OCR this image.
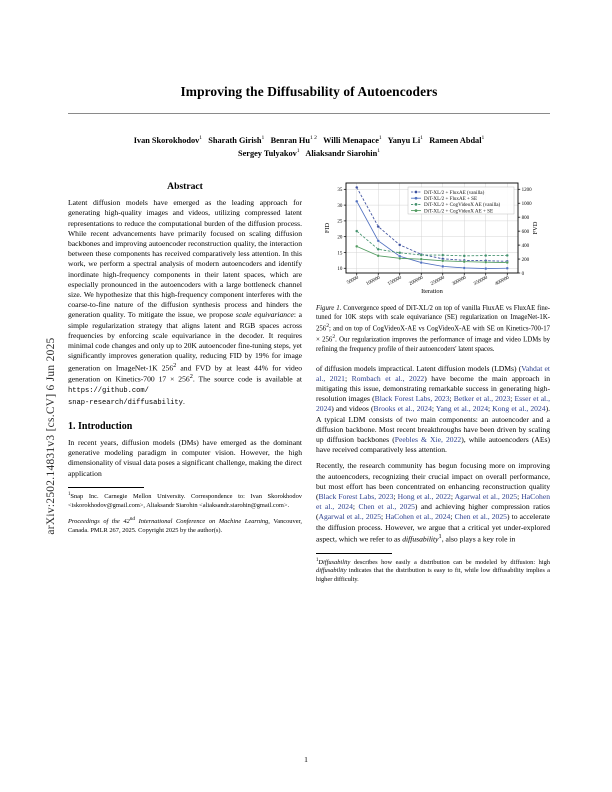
arXiv:2502.14831v3 [cs.CV] 6 Jun 2025
Improving the Diffusability of Autoencoders
Ivan Skorokhodov$^1$ Sharath Girish$^1$ Benran $Hu^{1 2}$ Willi Menapace$^1$ Yanyu Li$^1$ Rameen Abdal$^1$
Sergey Tulyakov$^1$ Aliaksandr Siarohin$^1$
Abstract

Latent diffusion models have emerged as the leading approach for generating high-quality images and videos, utilizing compressed latent representations to reduce the computational burden of the diffusion process. While recent advancements have primarily focused on scaling diffusion backbones and improving autoencoder reconstruction quality, the interaction between these components has received comparatively less attention. In this work, we perform a spectral analysis of modern autoencoders and identify inordinate high-frequency components in their latent spaces, which are especially pronounced in the autoencoders with a large bottleneck channel size. We hypothesize that this high-frequency component interferes with the coarse-to-fine nature of the diffusion synthesis process and hinders the generation quality. To mitigate the issue, we propose scale equivariance: a simple regularization strategy that aligns latent and RGB spaces across frequencies by enforcing scale equivariance in the decoder. It requires minimal code changes and only up to 20K autoencoder fine-tuning steps, yet significantly improves generation quality, reducing FID by 19% for image generation on ImageNet-1K $256^2$ and FVD by at least 44% for video generation on Kinetics-700 $17 \times 256^2$. The source code is available at https://github.com/
snap-research/diffusability.

1. Introduction

In recent years, diffusion models (DMs) have emerged as the dominant generative modeling paradigm in computer vision. However, the high dimensionality of visual data poses a significant challenge, making the direct application

$^1$Snap Inc. Carnegie Mellon University. Correspondence to: Ivan Skorokhodov <iskorokhodov@gmail.com>, Aliaksandr Siarohin <aliaksandr.siarohin@gmail.com>.

Proceedings of the 42nd International Conference on Machine Learning, Vancouver, Canada. PMLR 267, 2025. Copyright 2025 by the author(s).

10
15
20
25
30
35
0
200
400
600
800
1000
1200
50000 100000 150000 200000 250000 300000 350000 400000
FID	FVD
Iteration
DiT-XL/2 + FluxAE (vanilla)
DiT-XL/2 + FluxAE + SE
DiT-XL/2 + CogVideoX AE (vanilla)
DiT-XL/2 + CogVideoX AE + SE

Figure 1. Convergence speed of DiT-XL/2 on top of vanilla FluxAE vs FluxAE fine-tuned for 10K steps with scale equivariance (SE) regularization on ImageNet-$1K-256^2$; and on top of CogVideoX-AE vs CogVideoX-AE with SE on Kinetics-700-17 × $256^2$. Our regularization improves the performance of image and video LDMs by refining the frequency profile of their autoencoders' latent spaces.

of diffusion models impractical. Latent diffusion models (LDMs) (Vahdat et al., 2021; Rombach et al., 2022) have become the main approach in mitigating this issue, demonstrating remarkable success in generating high-resolution images (Black Forest Labs, 2023; Betker et al., 2023; Esser et al., 2024) and videos (Brooks et al., 2024; Yang et al., 2024; Kong et al., 2024). A typical LDM consists of two main components: an autoencoder and a diffusion backbone. Most recent breakthroughs have been driven by scaling up diffusion backbones (Peebles & Xie, 2022), while autoencoders (AEs) have received comparatively less attention.

Recently, the research community has begun focusing more on improving the autoencoders, recognizing their crucial impact on overall performance, but most effort has been concentrated on enhancing reconstruction quality (Black Forest Labs, 2023; Hong et al., 2022; Agarwal et al., 2025; HaCohen et al., 2024; Chen et al., 2025) and achieving higher compression ratios (Agarwal et al., 2025; HaCohen et al., 2024; Chen et al., 2025) to accelerate the diffusion process. However, we argue that a critical yet under-explored aspect, which we refer to as diffusability$^1$, also plays a key role in

$^1$Diffusability describes how easily a distribution can be modeled by diffusion: high diffusability indicates that the distribution is easy to fit, while low diffusability implies a higher difficulty.

1
